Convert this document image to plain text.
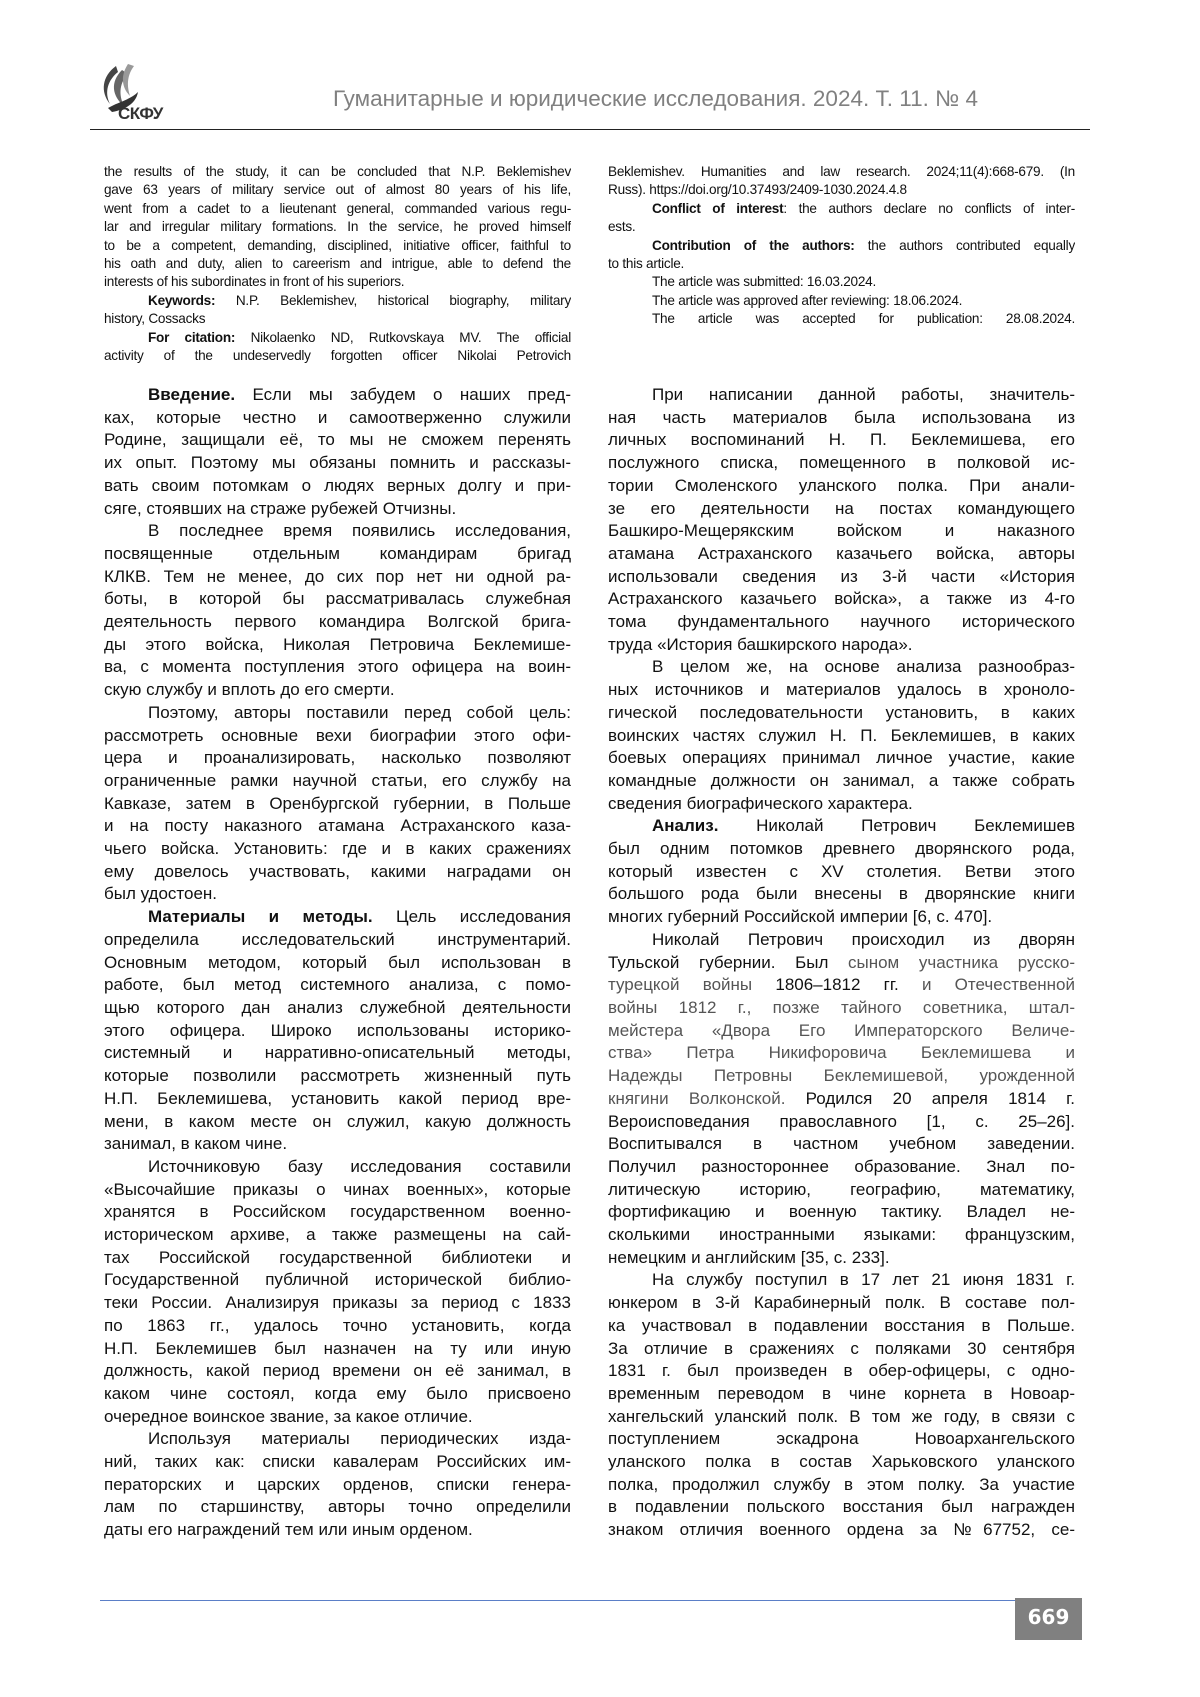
СКФУ
Гуманитарные и юридические исследования. 2024. Т. 11. № 4
the results of the study, it can be concluded that N.P. Beklemishev
gave 63 years of military service out of almost 80 years of his life,
went from a cadet to a lieutenant general, commanded various regu-
lar and irregular military formations. In the service, he proved himself
to be a competent, demanding, disciplined, initiative officer, faithful to
his oath and duty, alien to careerism and intrigue, able to defend the
interests of his subordinates in front of his superiors.
Keywords: N.P. Beklemishev, historical biography, military
history, Cossacks
For citation: Nikolaenko ND, Rutkovskaya MV. The official
activity of the undeservedly forgotten officer Nikolai Petrovich
Beklemishev. Humanities and law research. 2024;11(4):668-679. (In
Russ). https://doi.org/10.37493/2409-1030.2024.4.8
Conflict of interest: the authors declare no conflicts of inter-
ests.
Contribution of the authors: the authors contributed equally
to this article.
The article was submitted: 16.03.2024.
The article was approved after reviewing: 18.06.2024.
The article was accepted for publication: 28.08.2024.
Введение. Если мы забудем о наших пред-
ках, которые честно и самоотверженно служили
Родине, защищали её, то мы не сможем перенять
их опыт. Поэтому мы обязаны помнить и рассказы-
вать своим потомкам о людях верных долгу и при-
сяге, стоявших на страже рубежей Отчизны.
В последнее время появились исследования,
посвященные отдельным командирам бригад
КЛКВ. Тем не менее, до сих пор нет ни одной ра-
боты, в которой бы рассматривалась служебная
деятельность первого командира Волгской брига-
ды этого войска, Николая Петровича Беклемише-
ва, с момента поступления этого офицера на воин-
скую службу и вплоть до его смерти.
Поэтому, авторы поставили перед собой цель:
рассмотреть основные вехи биографии этого офи-
цера и проанализировать, насколько позволяют
ограниченные рамки научной статьи, его службу на
Кавказе, затем в Оренбургской губернии, в Польше
и на посту наказного атамана Астраханского каза-
чьего войска. Установить: где и в каких сражениях
ему довелось участвовать, какими наградами он
был удостоен.
Материалы и методы. Цель исследования
определила исследовательский инструментарий.
Основным методом, который был использован в
работе, был метод системного анализа, с помо-
щью которого дан анализ служебной деятельности
этого офицера. Широко использованы историко-
системный и нарративно-описательный методы,
которые позволили рассмотреть жизненный путь
Н.П. Беклемишева, установить какой период вре-
мени, в каком месте он служил, какую должность
занимал, в каком чине.
Источниковую базу исследования составили
«Высочайшие приказы о чинах военных», которые
хранятся в Российском государственном военно-
историческом архиве, а также размещены на сай-
тах Российской государственной библиотеки и
Государственной публичной исторической библио-
теки России. Анализируя приказы за период с 1833
по 1863 гг., удалось точно установить, когда
Н.П. Беклемишев был назначен на ту или иную
должность, какой период времени он её занимал, в
каком чине состоял, когда ему было присвоено
очередное воинское звание, за какое отличие.
Используя материалы периодических изда-
ний, таких как: списки кавалерам Российских им-
ператорских и царских орденов, списки генера-
лам по старшинству, авторы точно определили
даты его награждений тем или иным орденом.
При написании данной работы, значитель-
ная часть материалов была использована из
личных воспоминаний Н. П. Беклемишева, его
послужного списка, помещенного в полковой ис-
тории Смоленского уланского полка. При анали-
зе его деятельности на постах командующего
Башкиро-Мещерякским войском и наказного
атамана Астраханского казачьего войска, авторы
использовали сведения из 3-й части «История
Астраханского казачьего войска», а также из 4-го
тома фундаментального научного исторического
труда «История башкирского народа».
В целом же, на основе анализа разнообраз-
ных источников и материалов удалось в хроноло-
гической последовательности установить, в каких
воинских частях служил Н. П. Беклемишев, в каких
боевых операциях принимал личное участие, какие
командные должности он занимал, а также собрать
сведения биографического характера.
Анализ. Николай Петрович Беклемишев
был одним потомков древнего дворянского рода,
который известен с XV столетия. Ветви этого
большого рода были внесены в дворянские книги
многих губерний Российской империи [6, с. 470].
Николай Петрович происходил из дворян
Тульской губернии. Был сыном участника русско-
турецкой войны 1806–1812 гг. и Отечественной
войны 1812 г., позже тайного советника, штал-
мейстера «Двора Его Императорского Величе-
ства» Петра Никифоровича Беклемишева и
Надежды Петровны Беклемишевой, урожденной
княгини Волконской. Родился 20 апреля 1814 г.
Вероисповедания православного [1, с. 25–26].
Воспитывался в частном учебном заведении.
Получил разностороннее образование. Знал по-
литическую историю, географию, математику,
фортификацию и военную тактику. Владел не-
сколькими иностранными языками: французским,
немецким и английским [35, с. 233].
На службу поступил в 17 лет 21 июня 1831 г.
юнкером в 3-й Карабинерный полк. В составе пол-
ка участвовал в подавлении восстания в Польше.
За отличие в сражениях с поляками 30 сентября
1831 г. был произведен в обер-офицеры, с одно-
временным переводом в чине корнета в Новоар-
хангельский уланский полк. В том же году, в связи с
поступлением эскадрона Новоархангельского
уланского полка в состав Харьковского уланского
полка, продолжил службу в этом полку. За участие
в подавлении польского восстания был награжден
знаком отличия военного ордена за №67752, се-
669
